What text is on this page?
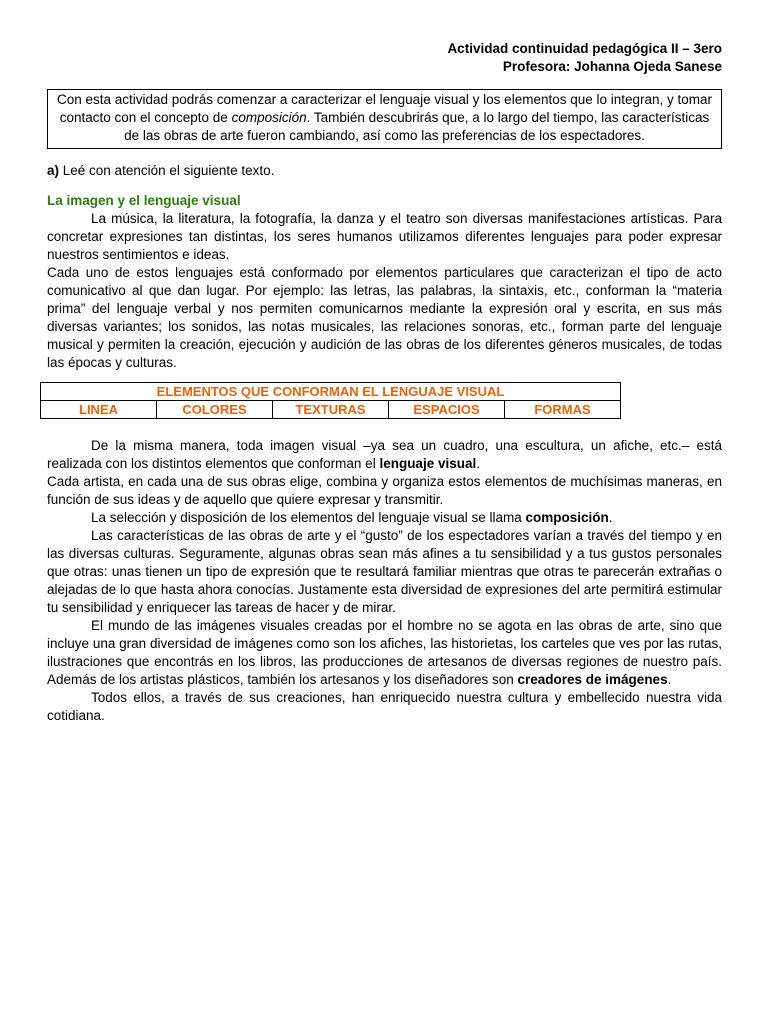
Actividad continuidad pedagógica II – 3ero
Profesora: Johanna Ojeda Sanese
Con esta actividad podrás comenzar a caracterizar el lenguaje visual y los elementos que lo integran, y tomar contacto con el concepto de composición. También descubrirás que, a lo largo del tiempo, las características de las obras de arte fueron cambiando, así como las preferencias de los espectadores.
a) Leé con atención el siguiente texto.
La imagen y el lenguaje visual

La música, la literatura, la fotografía, la danza y el teatro son diversas manifestaciones artísticas. Para concretar expresiones tan distintas, los seres humanos utilizamos diferentes lenguajes para poder expresar nuestros sentimientos e ideas.

Cada uno de estos lenguajes está conformado por elementos particulares que caracterizan el tipo de acto comunicativo al que dan lugar. Por ejemplo: las letras, las palabras, la sintaxis, etc., conforman la “materia prima” del lenguaje verbal y nos permiten comunicarnos mediante la expresión oral y escrita, en sus más diversas variantes; los sonidos, las notas musicales, las relaciones sonoras, etc., forman parte del lenguaje musical y permiten la creación, ejecución y audición de las obras de los diferentes géneros musicales, de todas las épocas y culturas.

ELEMENTOS QUE CONFORMAN EL LENGUAJE VISUAL
LINEA	COLORES	TEXTURAS	ESPACIOS	FORMAS

De la misma manera, toda imagen visual –ya sea un cuadro, una escultura, un afiche, etc.– está realizada con los distintos elementos que conforman el lenguaje visual.

Cada artista, en cada una de sus obras elige, combina y organiza estos elementos de muchísimas maneras, en función de sus ideas y de aquello que quiere expresar y transmitir.

La selección y disposición de los elementos del lenguaje visual se llama composición.

Las características de las obras de arte y el “gusto” de los espectadores varían a través del tiempo y en las diversas culturas. Seguramente, algunas obras sean más afines a tu sensibilidad y a tus gustos personales que otras: unas tienen un tipo de expresión que te resultará familiar mientras que otras te parecerán extrañas o alejadas de lo que hasta ahora conocías. Justamente esta diversidad de expresiones del arte permitirá estimular tu sensibilidad y enriquecer las tareas de hacer y de mirar.

El mundo de las imágenes visuales creadas por el hombre no se agota en las obras de arte, sino que incluye una gran diversidad de imágenes como son los afiches, las historietas, los carteles que ves por las rutas, ilustraciones que encontrás en los libros, las producciones de artesanos de diversas regiones de nuestro país. Además de los artistas plásticos, también los artesanos y los diseñadores son creadores de imágenes.

Todos ellos, a través de sus creaciones, han enriquecido nuestra cultura y embellecido nuestra vida cotidiana.
